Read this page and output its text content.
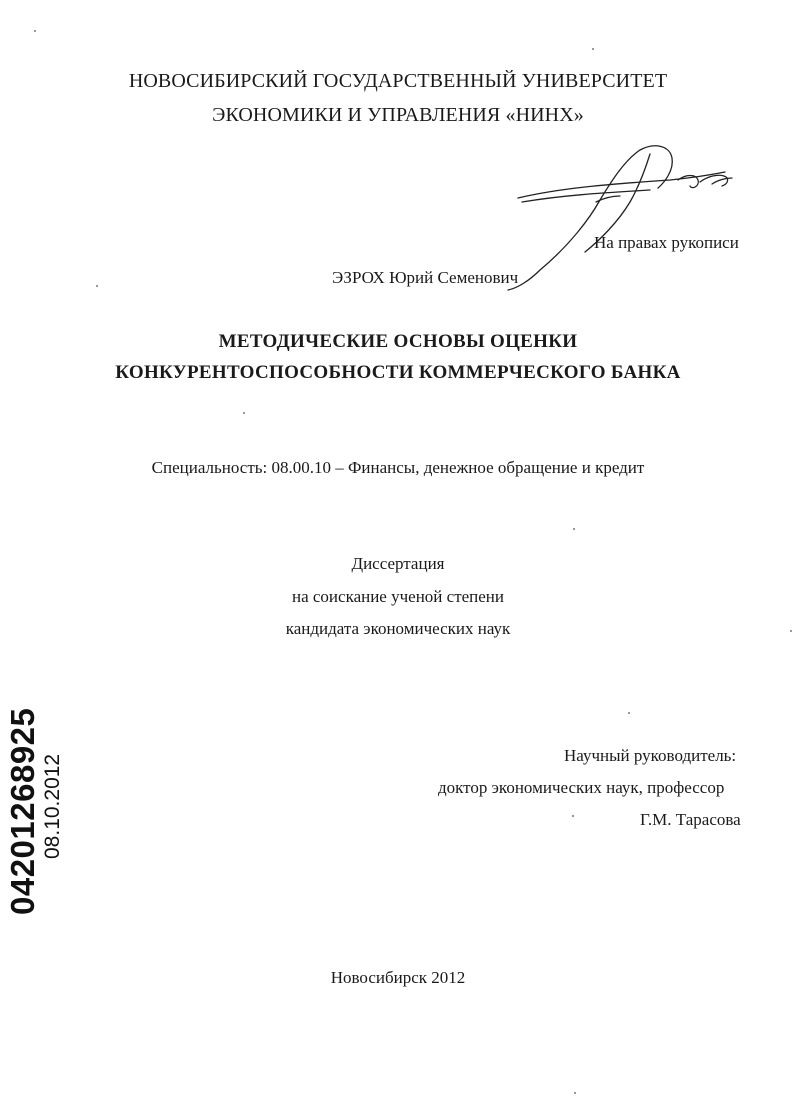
НОВОСИБИРСКИЙ ГОСУДАРСТВЕННЫЙ УНИВЕРСИТЕТ
ЭКОНОМИКИ И УПРАВЛЕНИЯ «НИНХ»
На правах рукописи
ЭЗРОХ Юрий Семенович
МЕТОДИЧЕСКИЕ ОСНОВЫ ОЦЕНКИ
КОНКУРЕНТОСПОСОБНОСТИ КОММЕРЧЕСКОГО БАНКА
Специальность: 08.00.10 – Финансы, денежное обращение и кредит
Диссертация
на соискание ученой степени
кандидата экономических наук
Научный руководитель:
доктор экономических наук, профессор
Г.М. Тарасова
Новосибирск 2012
04201268925 08.10.2012
